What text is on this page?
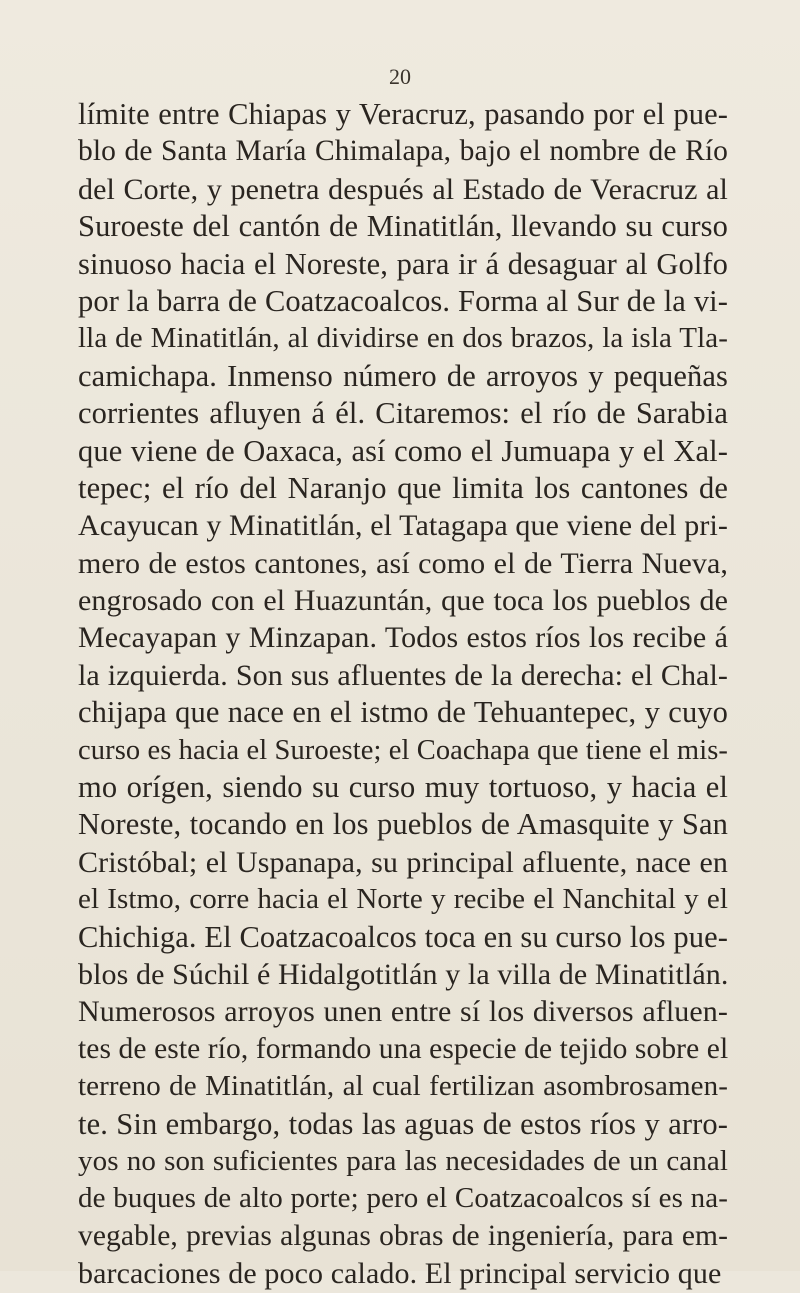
20
límite entre Chiapas y Veracruz, pasando por el pue-
blo de Santa María Chimalapa, bajo el nombre de Río
del Corte, y penetra después al Estado de Veracruz al
Suroeste del cantón de Minatitlán, llevando su curso
sinuoso hacia el Noreste, para ir á desaguar al Golfo
por la barra de Coatzacoalcos. Forma al Sur de la vi-
lla de Minatitlán, al dividirse en dos brazos, la isla Tla-
camichapa. Inmenso número de arroyos y pequeñas
corrientes afluyen á él. Citaremos: el río de Sarabia
que viene de Oaxaca, así como el Jumuapa y el Xal-
tepec; el río del Naranjo que limita los cantones de
Acayucan y Minatitlán, el Tatagapa que viene del pri-
mero de estos cantones, así como el de Tierra Nueva,
engrosado con el Huazuntán, que toca los pueblos de
Mecayapan y Minzapan. Todos estos ríos los recibe á
la izquierda. Son sus afluentes de la derecha: el Chal-
chijapa que nace en el istmo de Tehuantepec, y cuyo
curso es hacia el Suroeste; el Coachapa que tiene el mis-
mo orígen, siendo su curso muy tortuoso, y hacia el
Noreste, tocando en los pueblos de Amasquite y San
Cristóbal; el Uspanapa, su principal afluente, nace en
el Istmo, corre hacia el Norte y recibe el Nanchital y el
Chichiga. El Coatzacoalcos toca en su curso los pue-
blos de Súchil é Hidalgotitlán y la villa de Minatitlán.
Numerosos arroyos unen entre sí los diversos afluen-
tes de este río, formando una especie de tejido sobre el
terreno de Minatitlán, al cual fertilizan asombrosamen-
te. Sin embargo, todas las aguas de estos ríos y arro-
yos no son suficientes para las necesidades de un canal
de buques de alto porte; pero el Coatzacoalcos sí es na-
vegable, previas algunas obras de ingeniería, para em-
barcaciones de poco calado. El principal servicio que
